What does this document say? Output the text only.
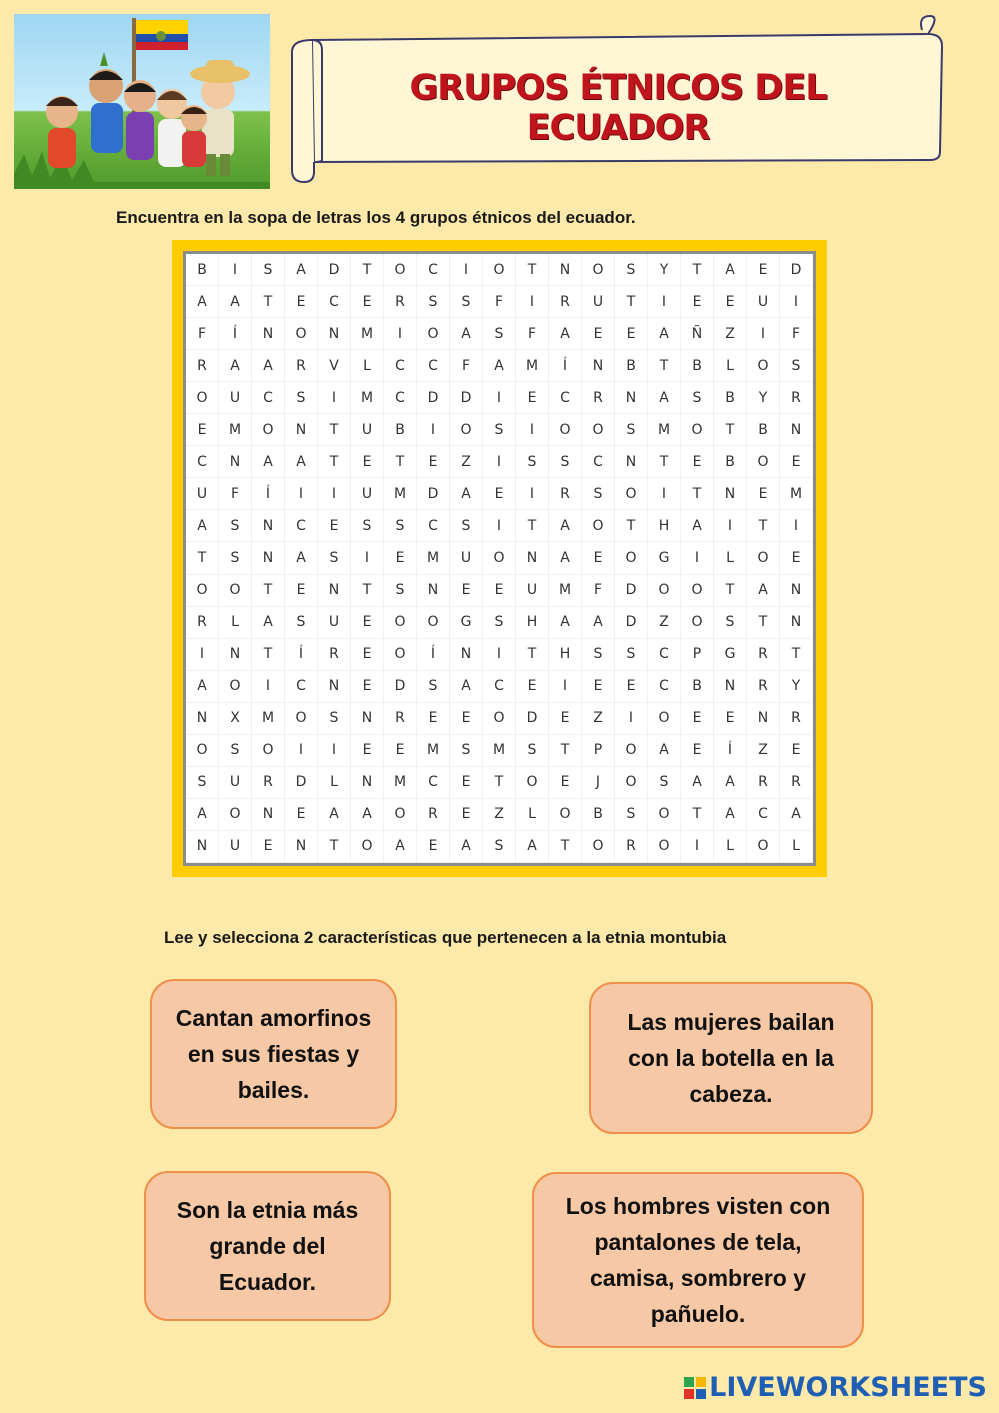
GRUPOS ÉTNICOS DEL ECUADOR
Encuentra en la sopa de letras los 4 grupos étnicos del ecuador.
B	I	S	A	D	T	O	C	I	O	T	N	O	S	Y	T	A	E	D
A	A	T	E	C	E	R	S	S	F	I	R	U	T	I	E	E	U	I
F	Í	N	O	N	M	I	O	A	S	F	A	E	E	A	Ñ	Z	I	F
R	A	A	R	V	L	C	C	F	A	M	Í	N	B	T	B	L	O	S
O	U	C	S	I	M	C	D	D	I	E	C	R	N	A	S	B	Y	R
E	M	O	N	T	U	B	I	O	S	I	O	O	S	M	O	T	B	N
C	N	A	A	T	E	T	E	Z	I	S	S	C	N	T	E	B	O	E
U	F	Í	I	I	U	M	D	A	E	I	R	S	O	I	T	N	E	M
A	S	N	C	E	S	S	C	S	I	T	A	O	T	H	A	I	T	I
T	S	N	A	S	I	E	M	U	O	N	A	E	O	G	I	L	O	E
O	O	T	E	N	T	S	N	E	E	U	M	F	D	O	O	T	A	N
R	L	A	S	U	E	O	O	G	S	H	A	A	D	Z	O	S	T	N
I	N	T	Í	R	E	O	Í	N	I	T	H	S	S	C	P	G	R	T
A	O	I	C	N	E	D	S	A	C	E	I	E	E	C	B	N	R	Y
N	X	M	O	S	N	R	E	E	O	D	E	Z	I	O	E	E	N	R
O	S	O	I	I	E	E	M	S	M	S	T	P	O	A	E	Í	Z	E
S	U	R	D	L	N	M	C	E	T	O	E	J	O	S	A	A	R	R
A	O	N	E	A	A	O	R	E	Z	L	O	B	S	O	T	A	C	A
N	U	E	N	T	O	A	E	A	S	A	T	O	R	O	I	L	O	L
Lee y selecciona 2 características que pertenecen a la etnia montubia
Cantan amorfinos en sus fiestas y bailes.
Las mujeres bailan con la botella en la cabeza.
Son la etnia más grande del Ecuador.
Los hombres visten con pantalones de tela, camisa, sombrero y pañuelo.
LIVEWORKSHEETS
